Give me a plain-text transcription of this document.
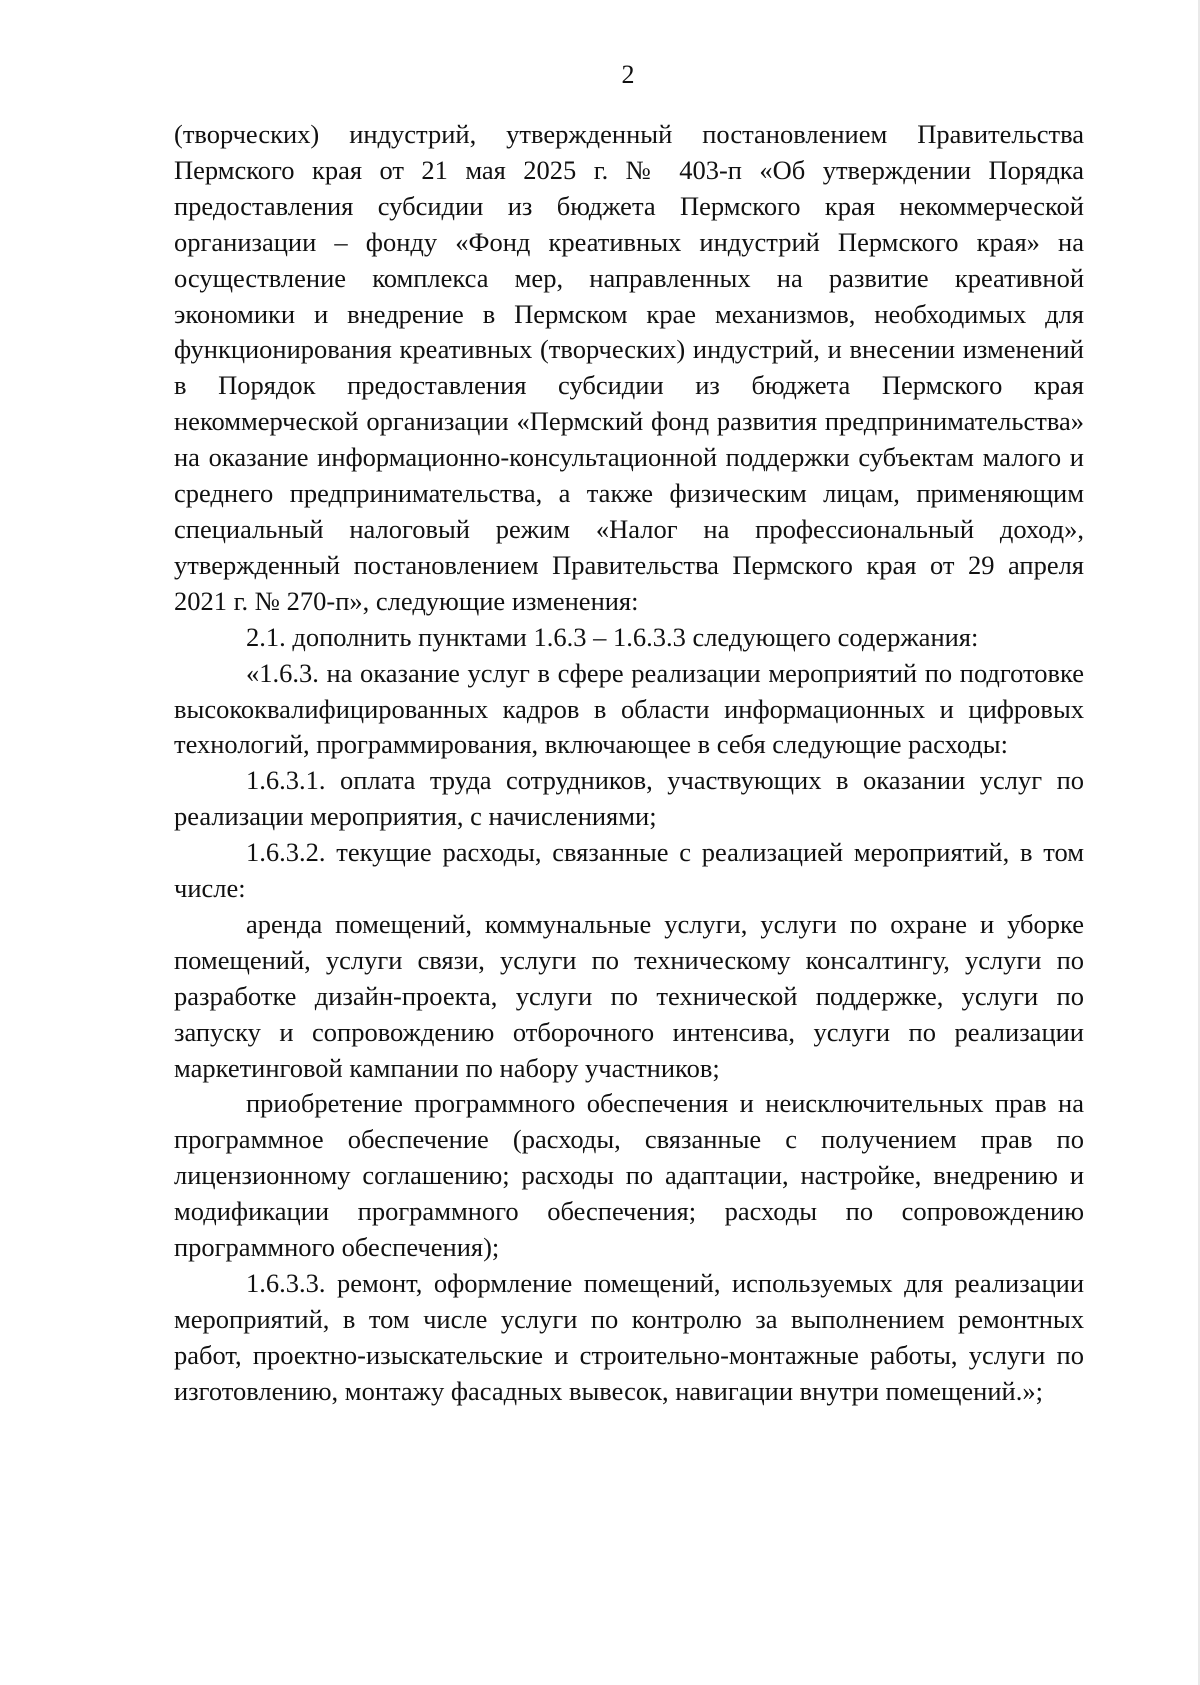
2

(творческих) индустрий, утвержденный постановлением Правительства Пермского края от 21 мая 2025 г. № 403-п «Об утверждении Порядка предоставления субсидии из бюджета Пермского края некоммерческой организации – фонду «Фонд креативных индустрий Пермского края» на осуществление комплекса мер, направленных на развитие креативной экономики и внедрение в Пермском крае механизмов, необходимых для функционирования креативных (творческих) индустрий, и внесении изменений в Порядок предоставления субсидии из бюджета Пермского края некоммерческой организации «Пермский фонд развития предпринимательства» на оказание информационно-консультационной поддержки субъектам малого и среднего предпринимательства, а также физическим лицам, применяющим специальный налоговый режим «Налог на профессиональный доход», утвержденный постановлением Правительства Пермского края от 29 апреля 2021 г. № 270-п», следующие изменения:

2.1. дополнить пунктами 1.6.3 – 1.6.3.3 следующего содержания:

«1.6.3. на оказание услуг в сфере реализации мероприятий по подготовке высококвалифицированных кадров в области информационных и цифровых технологий, программирования, включающее в себя следующие расходы:

1.6.3.1. оплата труда сотрудников, участвующих в оказании услуг по реализации мероприятия, с начислениями;

1.6.3.2. текущие расходы, связанные с реализацией мероприятий, в том числе:

аренда помещений, коммунальные услуги, услуги по охране и уборке помещений, услуги связи, услуги по техническому консалтингу, услуги по разработке дизайн-проекта, услуги по технической поддержке, услуги по запуску и сопровождению отборочного интенсива, услуги по реализации маркетинговой кампании по набору участников;

приобретение программного обеспечения и неисключительных прав на программное обеспечение (расходы, связанные с получением прав по лицензионному соглашению; расходы по адаптации, настройке, внедрению и модификации программного обеспечения; расходы по сопровождению программного обеспечения);

1.6.3.3. ремонт, оформление помещений, используемых для реализации мероприятий, в том числе услуги по контролю за выполнением ремонтных работ, проектно-изыскательские и строительно-монтажные работы, услуги по изготовлению, монтажу фасадных вывесок, навигации внутри помещений.»;
